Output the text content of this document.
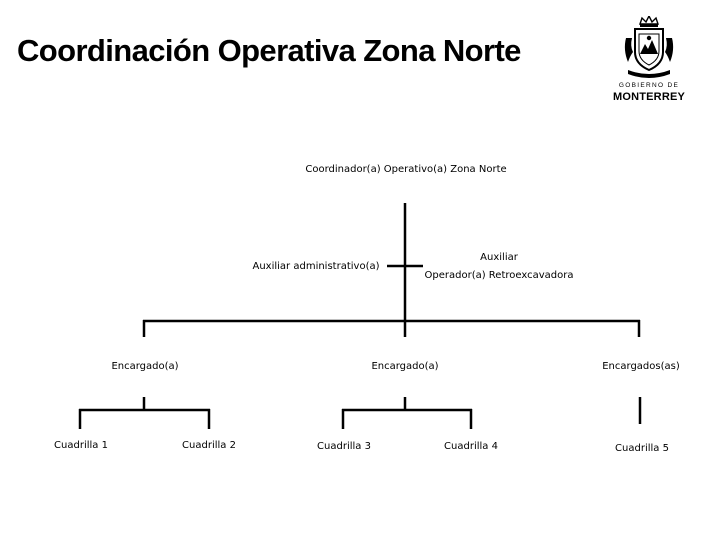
Coordinación Operativa Zona Norte
GOBIERNO DE
MONTERREY
Coordinador(a) Operativo(a) Zona Norte
Auxiliar administrativo(a)
Auxiliar
Operador(a) Retroexcavadora
Encargado(a)	Encargado(a)	Encargados(as)
Cuadrilla 1	Cuadrilla 2	Cuadrilla 3	Cuadrilla 4	Cuadrilla 5
